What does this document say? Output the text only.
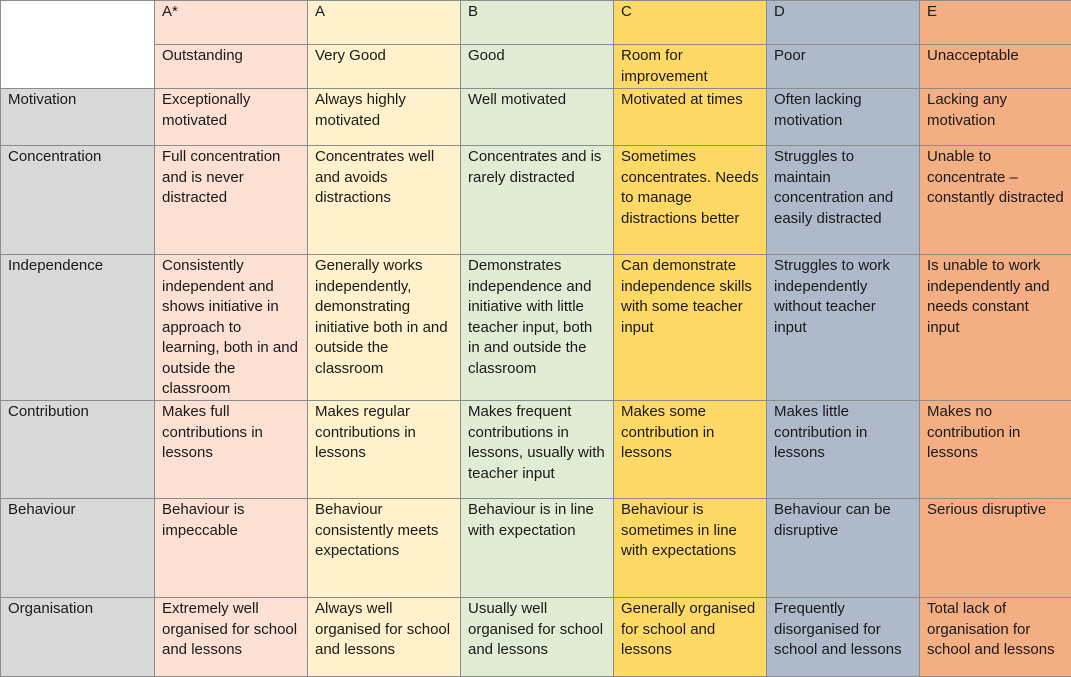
	A*	A	B	C	D	E
	Outstanding	Very Good	Good	Room for improvement	Poor	Unacceptable
Motivation	Exceptionally motivated	Always highly motivated	Well motivated	Motivated at times	Often lacking motivation	Lacking any motivation
Concentration	Full concentration and is never distracted	Concentrates well and avoids distractions	Concentrates and is rarely distracted	Sometimes concentrates. Needs to manage distractions better	Struggles to maintain concentration and easily distracted	Unable to concentrate – constantly distracted
Independence	Consistently independent and shows initiative in approach to learning, both in and outside the classroom	Generally works independently, demonstrating initiative both in and outside the classroom	Demonstrates independence and initiative with little teacher input, both in and outside the classroom	Can demonstrate independence skills with some teacher input	Struggles to work independently without teacher input	Is unable to work independently and needs constant input
Contribution	Makes full contributions in lessons	Makes regular contributions in lessons	Makes frequent contributions in lessons, usually with teacher input	Makes some contribution in lessons	Makes little contribution in lessons	Makes no contribution in lessons
Behaviour	Behaviour is impeccable	Behaviour consistently meets expectations	Behaviour is in line with expectation	Behaviour is sometimes in line with expectations	Behaviour can be disruptive	Serious disruptive
Organisation	Extremely well organised for school and lessons	Always well organised for school and lessons	Usually well organised for school and lessons	Generally organised for school and lessons	Frequently disorganised for school and lessons	Total lack of organisation for school and lessons
